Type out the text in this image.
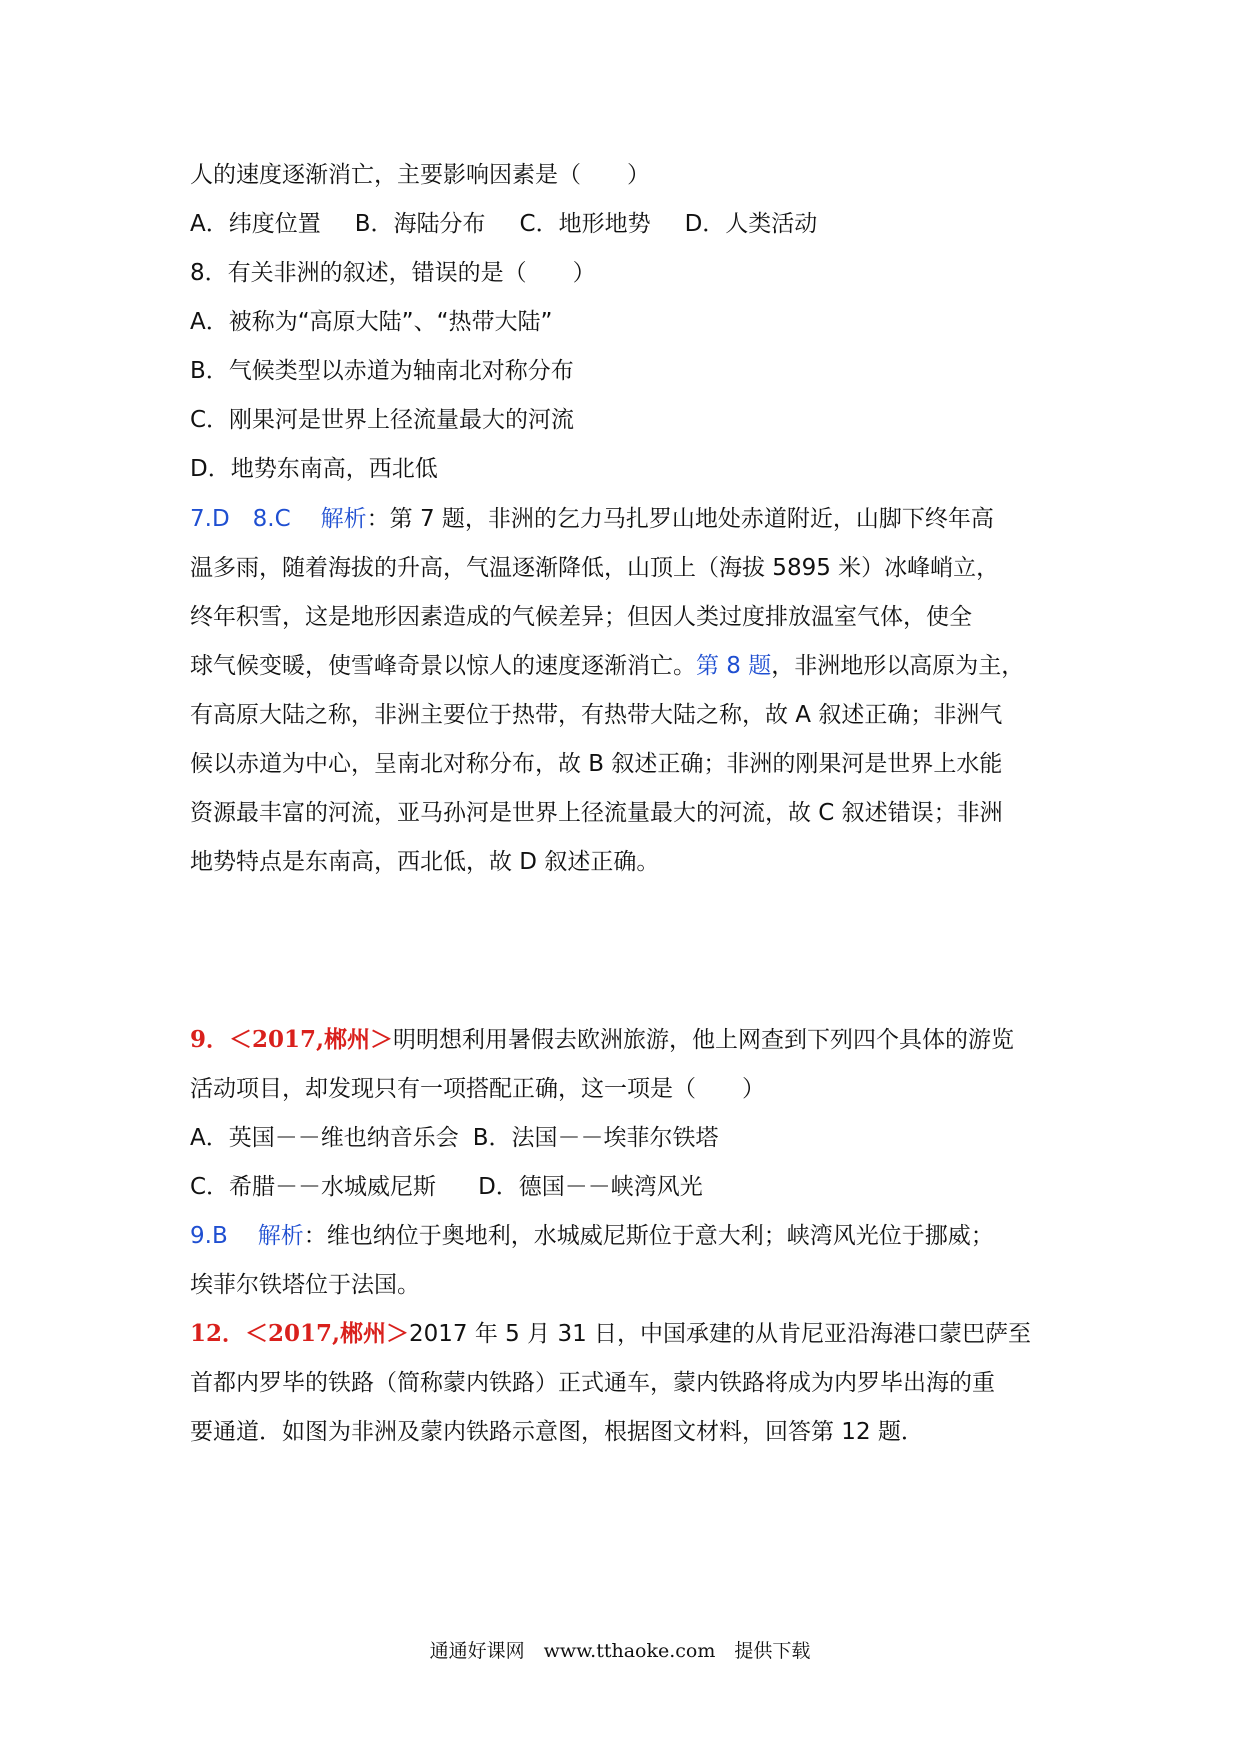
人的速度逐渐消亡，主要影响因素是（　　）
A．纬度位置 B．海陆分布 C．地形地势 D．人类活动
8．有关非洲的叙述，错误的是（　　）
A．被称为“高原大陆”、“热带大陆”
B．气候类型以赤道为轴南北对称分布
C．刚果河是世界上径流量最大的河流
D．地势东南高，西北低
7.D　8.C 解析：第 7 题，非洲的乞力马扎罗山地处赤道附近，山脚下终年高
温多雨，随着海拔的升高，气温逐渐降低，山顶上（海拔 5895 米）冰峰峭立，
终年积雪，这是地形因素造成的气候差异；但因人类过度排放温室气体，使全
球气候变暖，使雪峰奇景以惊人的速度逐渐消亡。第 8 题，非洲地形以高原为主，
有高原大陆之称，非洲主要位于热带，有热带大陆之称，故 A 叙述正确；非洲气
候以赤道为中心，呈南北对称分布，故 B 叙述正确；非洲的刚果河是世界上水能
资源最丰富的河流，亚马孙河是世界上径流量最大的河流，故 C 叙述错误；非洲
地势特点是东南高，西北低，故 D 叙述正确。
9．＜2017,郴州＞明明想利用暑假去欧洲旅游，他上网查到下列四个具体的游览
活动项目，却发现只有一项搭配正确，这一项是（　　）
A．英国－－维也纳音乐会 B．法国－－埃菲尔铁塔
C．希腊－－水城威尼斯 D．德国－－峡湾风光
9.B 解析：维也纳位于奥地利，水城威尼斯位于意大利；峡湾风光位于挪威；
埃菲尔铁塔位于法国。
12．＜2017,郴州＞2017 年 5 月 31 日，中国承建的从肯尼亚沿海港口蒙巴萨至
首都内罗毕的铁路（简称蒙内铁路）正式通车，蒙内铁路将成为内罗毕出海的重
要通道．如图为非洲及蒙内铁路示意图，根据图文材料，回答第 12 题．
通通好课网　www.tthaoke.com　提供下载
